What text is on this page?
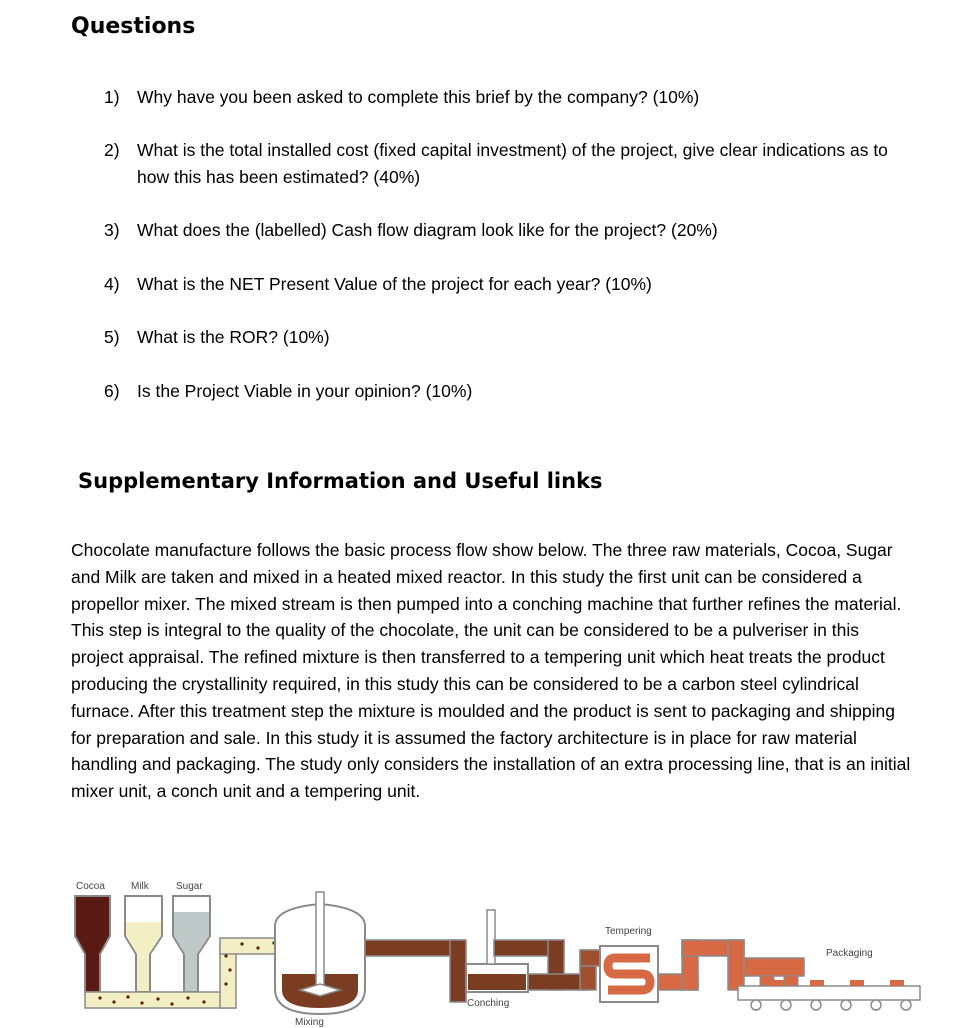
Questions
1) Why have you been asked to complete this brief by the company? (10%)
2) What is the total installed cost (fixed capital investment) of the project, give clear indications as to how this has been estimated? (40%)
3) What does the (labelled) Cash flow diagram look like for the project? (20%)
4) What is the NET Present Value of the project for each year? (10%)
5) What is the ROR? (10%)
6) Is the Project Viable in your opinion? (10%)
Supplementary Information and Useful links

Chocolate manufacture follows the basic process flow show below. The three raw materials, Cocoa, Sugar and Milk are taken and mixed in a heated mixed reactor. In this study the first unit can be considered a propellor mixer. The mixed stream is then pumped into a conching machine that further refines the material. This step is integral to the quality of the chocolate, the unit can be considered to be a pulveriser in this project appraisal. The refined mixture is then transferred to a tempering unit which heat treats the product producing the crystallinity required, in this study this can be considered to be a carbon steel cylindrical furnace. After this treatment step the mixture is moulded and the product is sent to packaging and shipping for preparation and sale. In this study it is assumed the factory architecture is in place for raw material handling and packaging. The study only considers the installation of an extra processing line, that is an initial mixer unit, a conch unit and a tempering unit.

Cocoa	Milk	Sugar
Mixing
Conching
Tempering
Packaging
